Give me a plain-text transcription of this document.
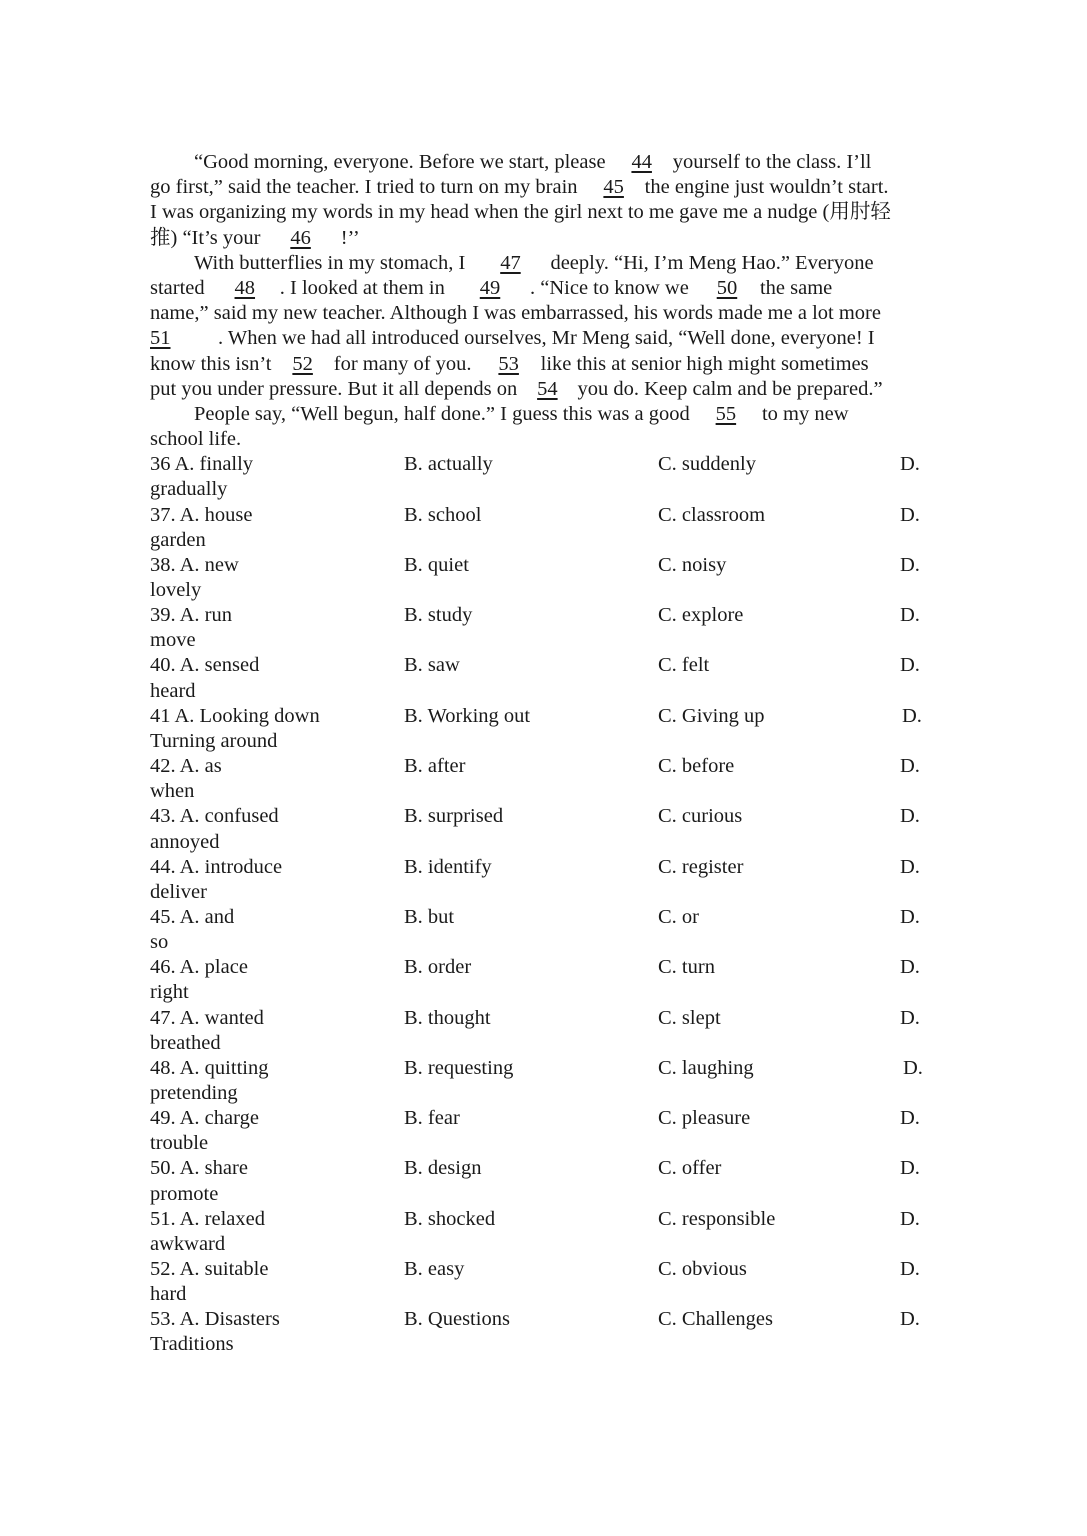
“Good morning, everyone. Before we start, please 44 yourself to the class. I’ll
go first,” said the teacher. I tried to turn on my brain 45 the engine just wouldn’t start.
I was organizing my words in my head when the girl next to me gave me a nudge (用肘轻
推) “It’s your 46 !’’
With butterflies in my stomach, I 47 deeply. “Hi, I’m Meng Hao.” Everyone
started 48 . I looked at them in 49 . “Nice to know we 50 the same
name,” said my new teacher. Although I was embarrassed, his words made me a lot more
51 . When we had all introduced ourselves, Mr Meng said, “Well done, everyone! I
know this isn’t 52 for many of you. 53 like this at senior high might sometimes
put you under pressure. But it all depends on 54 you do. Keep calm and be prepared.”
People say, “Well begun, half done.” I guess this was a good 55 to my new
school life.
36 A. finally	B. actually	C. suddenly	D.
gradually
37. A. house	B. school	C. classroom	D.
garden
38. A. new	B. quiet	C. noisy	D.
lovely
39. A. run	B. study	C. explore	D.
move
40. A. sensed	B. saw	C. felt	D.
heard
41 A. Looking down	B. Working out	C. Giving up	D.
Turning around
42. A. as	B. after	C. before	D.
when
43. A. confused	B. surprised	C. curious	D.
annoyed
44. A. introduce	B. identify	C. register	D.
deliver
45. A. and	B. but	C. or	D.
so
46. A. place	B. order	C. turn	D.
right
47. A. wanted	B. thought	C. slept	D.
breathed
48. A. quitting	B. requesting	C. laughing	D.
pretending
49. A. charge	B. fear	C. pleasure	D.
trouble
50. A. share	B. design	C. offer	D.
promote
51. A. relaxed	B. shocked	C. responsible	D.
awkward
52. A. suitable	B. easy	C. obvious	D.
hard
53. A. Disasters	B. Questions	C. Challenges	D.
Traditions
